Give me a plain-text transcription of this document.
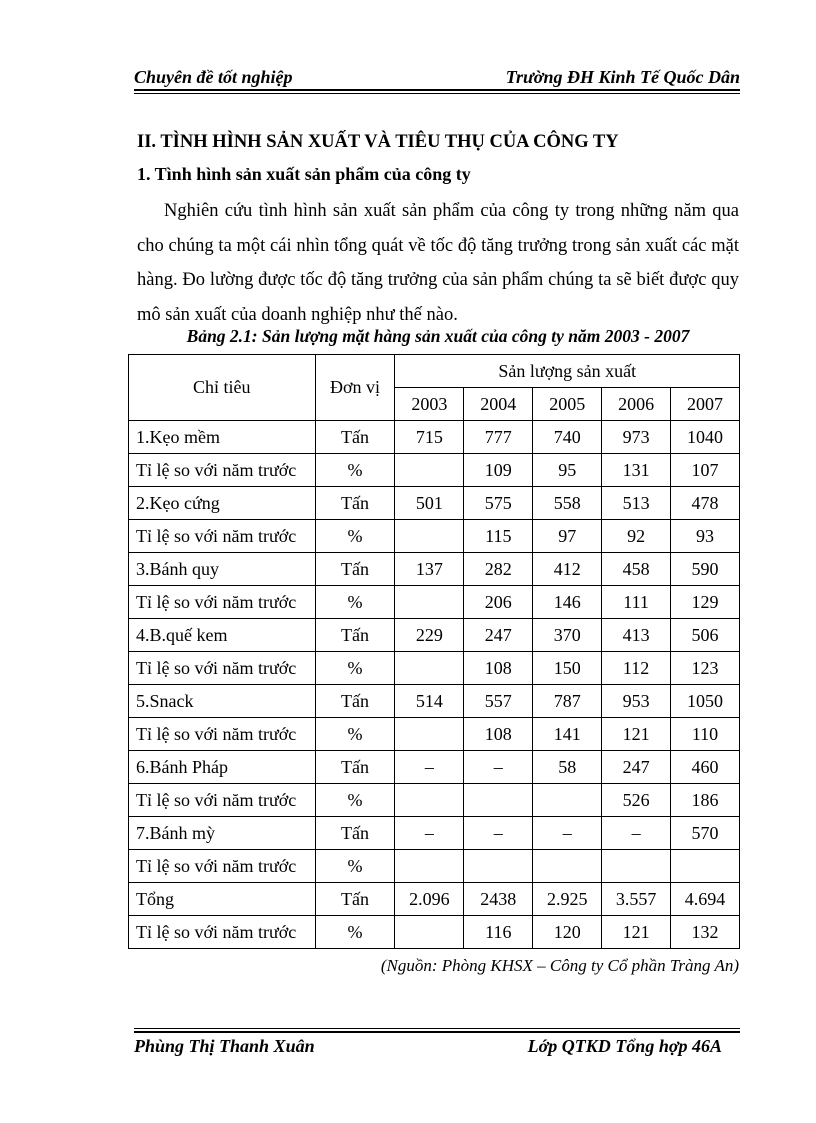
Chuyên đề tốt nghiệp	Trường ĐH Kinh Tế Quốc Dân
II. TÌNH HÌNH SẢN XUẤT VÀ TIÊU THỤ CỦA CÔNG TY
1. Tình hình sản xuất sản phẩm của công ty

Nghiên cứu tình hình sản xuất sản phẩm của công ty trong những năm qua cho chúng ta một cái nhìn tổng quát về tốc độ tăng trưởng trong sản xuất các mặt hàng. Đo lường được tốc độ tăng trưởng của sản phẩm chúng ta sẽ biết được quy mô sản xuất của doanh nghiệp như thế nào.

Bảng 2.1: Sản lượng mặt hàng sản xuất của công ty năm 2003 - 2007
Chỉ tiêu	Đơn vị	Sản lượng sản xuất				
		2003	2004	2005	2006	2007
1.Kẹo mềm	Tấn	715	777	740	973	1040
Tỉ lệ so với năm trước	%		109	95	131	107
2.Kẹo cứng	Tấn	501	575	558	513	478
Tỉ lệ so với năm trước	%		115	97	92	93
3.Bánh quy	Tấn	137	282	412	458	590
Tỉ lệ so với năm trước	%		206	146	111	129
4.B.quế kem	Tấn	229	247	370	413	506
Tỉ lệ so với năm trước	%		108	150	112	123
5.Snack	Tấn	514	557	787	953	1050
Tỉ lệ so với năm trước	%		108	141	121	110
6.Bánh Pháp	Tấn	–	–	58	247	460
Tỉ lệ so với năm trước	%				526	186
7.Bánh mỳ	Tấn	–	–	–	–	570
Tỉ lệ so với năm trước	%					
Tổng	Tấn	2.096	2438	2.925	3.557	4.694
Tỉ lệ so với năm trước	%		116	120	121	132
(Nguồn: Phòng KHSX – Công ty Cổ phần Tràng An)
Phùng Thị Thanh Xuân	Lớp QTKD Tổng hợp 46A
